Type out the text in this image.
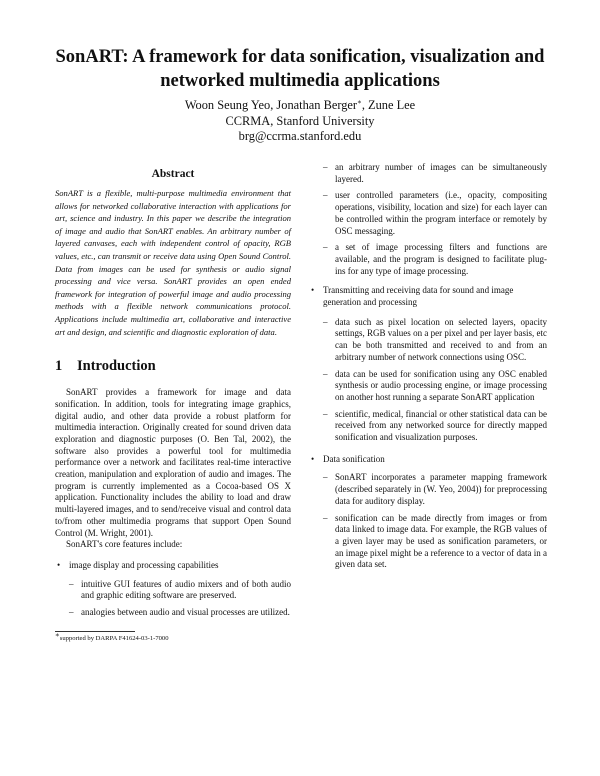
SonART: A framework for data sonification, visualization and
networked multimedia applications
Woon Seung Yeo, Jonathan Berger∗, Zune Lee
CCRMA, Stanford University
brg@ccrma.stanford.edu
Abstract

SonART is a flexible, multi-purpose multimedia environment that allows for networked collaborative interaction with applications for art, science and industry. In this paper we describe the integration of image and audio that SonART enables. An arbitrary number of layered canvases, each with independent control of opacity, RGB values, etc., can transmit or receive data using Open Sound Control. Data from images can be used for synthesis or audio signal processing and vice versa. SonART provides an open ended framework for integration of powerful image and audio processing methods with a flexible network communications protocol. Applications include multimedia art, collaborative and interactive art and design, and scientific and diagnostic exploration of data.

1 Introduction

SonART provides a framework for image and data sonification. In addition, tools for integrating image graphics, digital audio, and other data provide a robust platform for multimedia interaction. Originally created for sound driven data exploration and diagnostic purposes (O. Ben Tal, 2002), the software also provides a powerful tool for multimedia performance over a network and facilitates real-time interactive creation, manipulation and exploration of audio and images. The program is currently implemented as a Cocoa-based OS X application. Functionality includes the ability to load and draw multi-layered images, and to send/receive visual and control data to/from other multimedia programs that support Open Sound Control (M. Wright, 2001).

SonART's core features include:

• image display and processing capabilities
– intuitive GUI features of audio mixers and of both audio and graphic editing software are preserved.
– analogies between audio and visual processes are utilized.
∗supported by DARPA F41624-03-1-7000
– an arbitrary number of images can be simultaneously layered.
– user controlled parameters (i.e., opacity, compositing operations, visibility, location and size) for each layer can be controlled within the program interface or remotely by OSC messaging.
– a set of image processing filters and functions are available, and the program is designed to facilitate plug-ins for any type of image processing.
• Transmitting and receiving data for sound and image generation and processing
– data such as pixel location on selected layers, opacity settings, RGB values on a per pixel and per layer basis, etc can be both transmitted and received to and from an arbitrary number of network connections using OSC.
– data can be used for sonification using any OSC enabled synthesis or audio processing engine, or image processing on another host running a separate SonART application
– scientific, medical, financial or other statistical data can be received from any networked source for directly mapped sonification and visualization purposes.
• Data sonification
– SonART incorporates a parameter mapping framework (described separately in (W. Yeo, 2004)) for preprocessing data for auditory display.
– sonification can be made directly from images or from data linked to image data. For example, the RGB values of a given layer may be used as sonification parameters, or an image pixel might be a reference to a vector of data in a given data set.
